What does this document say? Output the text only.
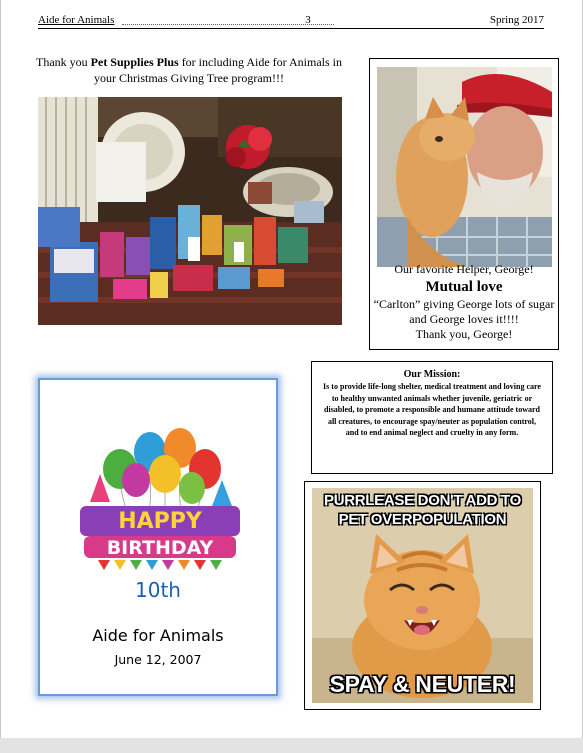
Aide for Animals	3	Spring 2017
Thank you Pet Supplies Plus for including Aide for Animals in your Christmas Giving Tree program!!!
Our favorite Helper, George!
Mutual love
“Carlton” giving George lots of sugar and George loves it!!!!
Thank you, George!
Our Mission:
Is to provide life-long shelter, medical treatment and loving care to healthy unwanted animals whether juvenile, geriatric or disabled, to promote a responsible and humane attitude toward all creatures, to encourage spay/neuter as population control, and to end animal neglect and cruelty in any form.
HAPPY
BIRTHDAY
10th
Aide for Animals
June 12, 2007
PURRLEASE DON'T ADD TO PET OVERPOPULATION
SPAY & NEUTER!
